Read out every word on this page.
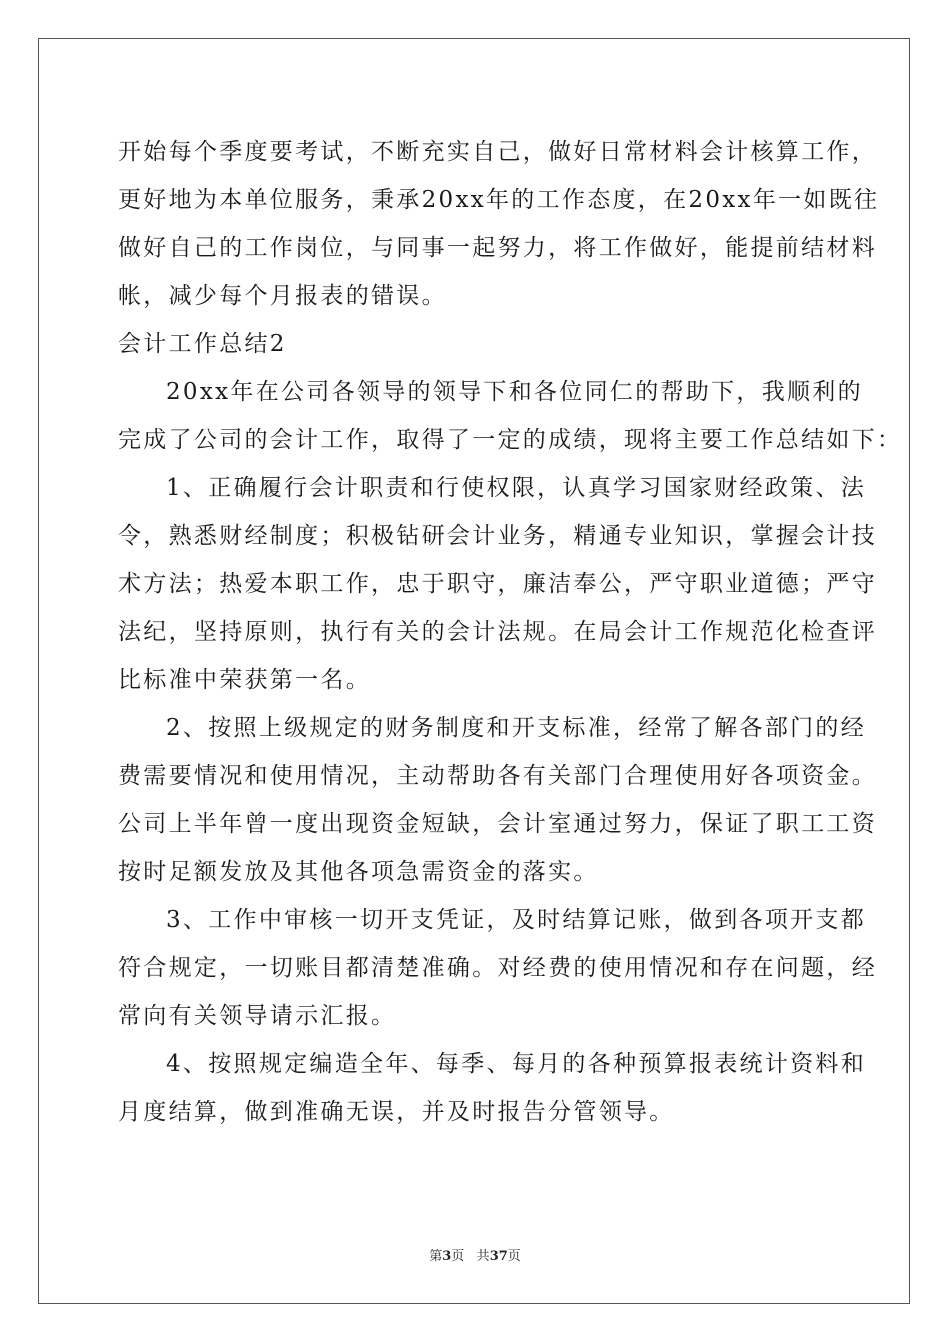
开始每个季度要考试，不断充实自己，做好日常材料会计核算工作，
更好地为本单位服务，秉承20xx年的工作态度，在20xx年一如既往
做好自己的工作岗位，与同事一起努力，将工作做好，能提前结材料
帐，减少每个月报表的错误。
会计工作总结2
20xx年在公司各领导的领导下和各位同仁的帮助下，我顺利的
完成了公司的会计工作，取得了一定的成绩，现将主要工作总结如下：
1、正确履行会计职责和行使权限，认真学习国家财经政策、法
令，熟悉财经制度；积极钻研会计业务，精通专业知识，掌握会计技
术方法；热爱本职工作，忠于职守，廉洁奉公，严守职业道德；严守
法纪，坚持原则，执行有关的会计法规。在局会计工作规范化检查评
比标准中荣获第一名。
2、按照上级规定的财务制度和开支标准，经常了解各部门的经
费需要情况和使用情况，主动帮助各有关部门合理使用好各项资金。
公司上半年曾一度出现资金短缺，会计室通过努力，保证了职工工资
按时足额发放及其他各项急需资金的落实。
3、工作中审核一切开支凭证，及时结算记账，做到各项开支都
符合规定，一切账目都清楚准确。对经费的使用情况和存在问题，经
常向有关领导请示汇报。
4、按照规定编造全年、每季、每月的各种预算报表统计资料和
月度结算，做到准确无误，并及时报告分管领导。
第3页 共37页
